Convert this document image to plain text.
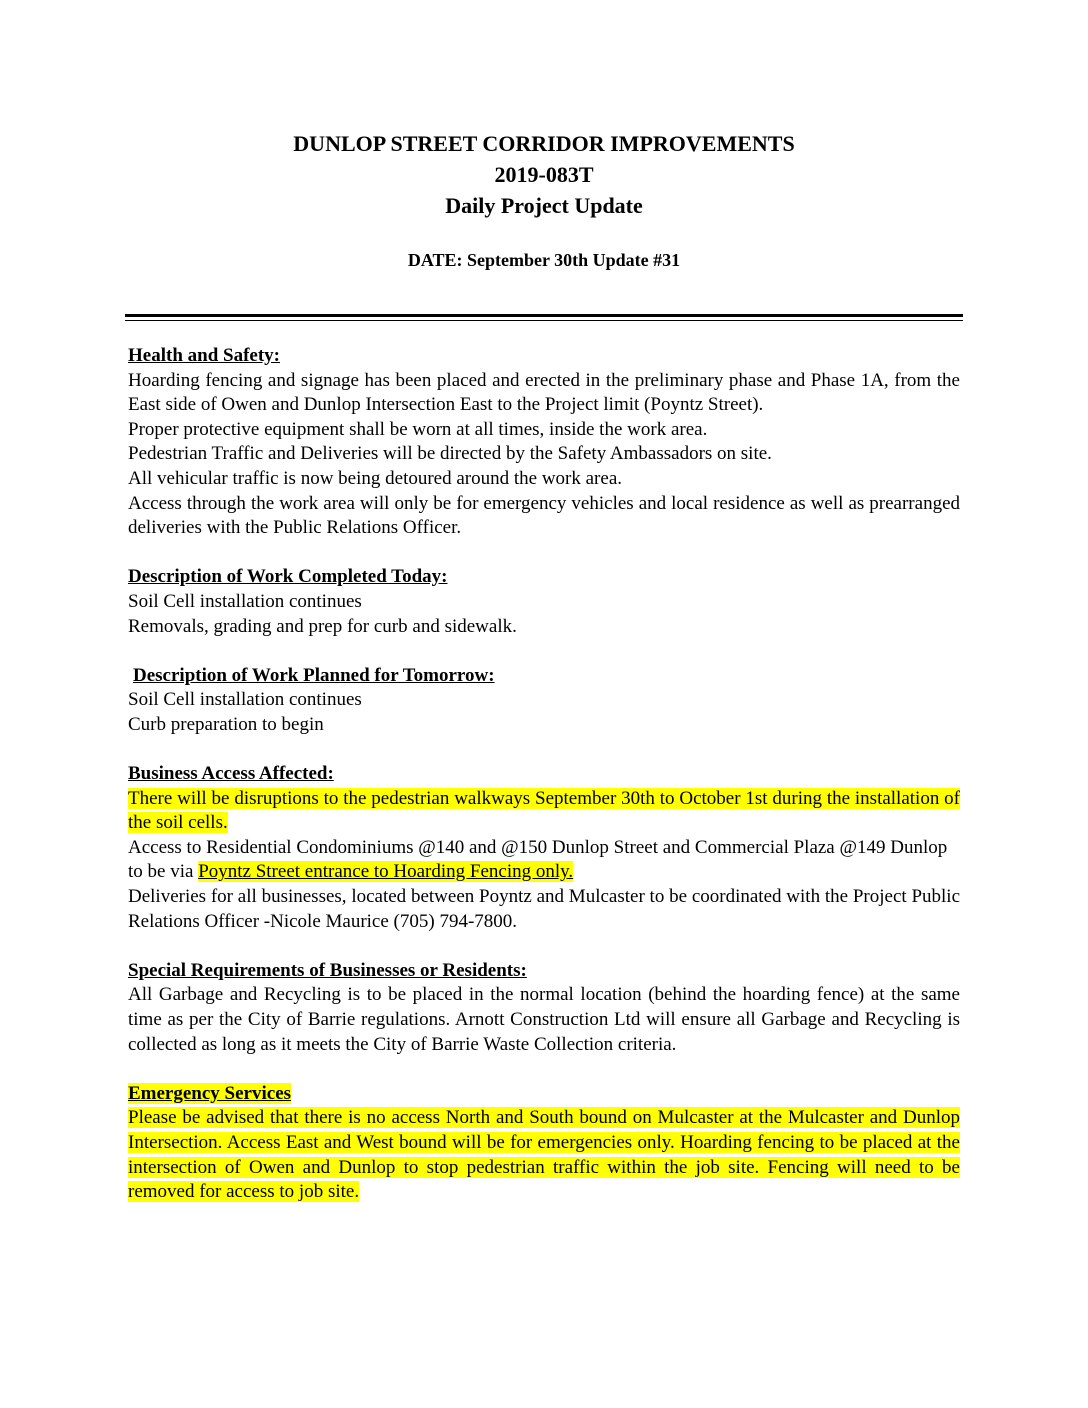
DUNLOP STREET CORRIDOR IMPROVEMENTS
2019-083T
Daily Project Update
DATE: September 30th Update #31
Health and Safety:
Hoarding fencing and signage has been placed and erected in the preliminary phase and Phase 1A, from the East side of Owen and Dunlop Intersection East to the Project limit (Poyntz Street).
Proper protective equipment shall be worn at all times, inside the work area.
Pedestrian Traffic and Deliveries will be directed by the Safety Ambassadors on site.
All vehicular traffic is now being detoured around the work area.
Access through the work area will only be for emergency vehicles and local residence as well as prearranged deliveries with the Public Relations Officer.
Description of Work Completed Today:
Soil Cell installation continues
Removals, grading and prep for curb and sidewalk.
Description of Work Planned for Tomorrow:
Soil Cell installation continues
Curb preparation to begin
Business Access Affected:
There will be disruptions to the pedestrian walkways September 30th to October 1st during the installation of the soil cells.
Access to Residential Condominiums @140 and @150 Dunlop Street and Commercial Plaza @149 Dunlop to be via Poyntz Street entrance to Hoarding Fencing only.
Deliveries for all businesses, located between Poyntz and Mulcaster to be coordinated with the Project Public Relations Officer -Nicole Maurice (705) 794-7800.
Special Requirements of Businesses or Residents:
All Garbage and Recycling is to be placed in the normal location (behind the hoarding fence) at the same time as per the City of Barrie regulations. Arnott Construction Ltd will ensure all Garbage and Recycling is collected as long as it meets the City of Barrie Waste Collection criteria.
Emergency Services
Please be advised that there is no access North and South bound on Mulcaster at the Mulcaster and Dunlop Intersection. Access East and West bound will be for emergencies only. Hoarding fencing to be placed at the intersection of Owen and Dunlop to stop pedestrian traffic within the job site. Fencing will need to be removed for access to job site.
